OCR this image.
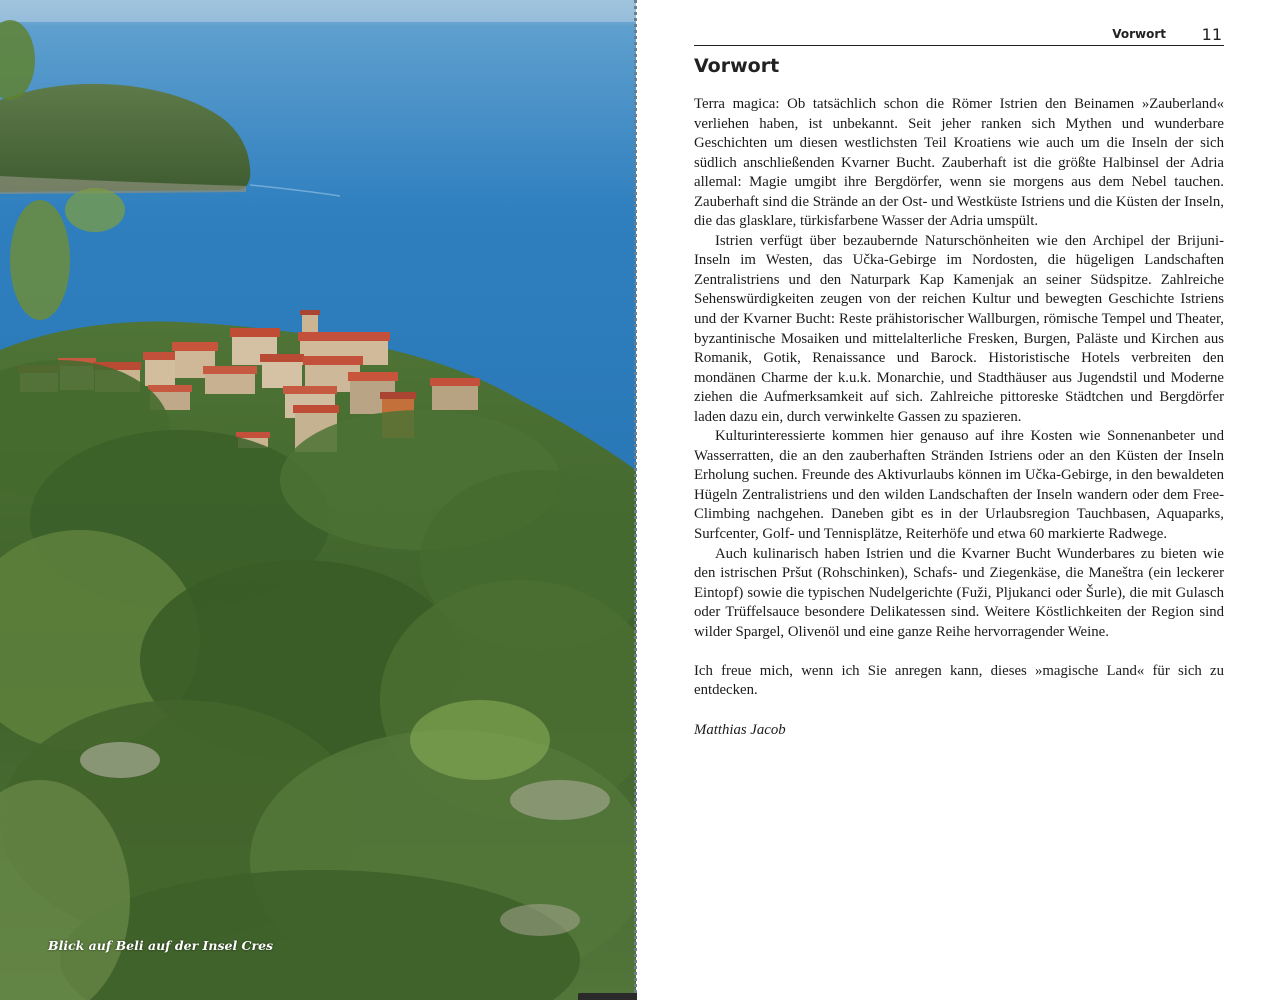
Blick auf Beli auf der Insel Cres
Vorwort 11
Vorwort

Terra magica: Ob tatsächlich schon die Römer Istrien den Beinamen »Zauberland« verliehen haben, ist unbekannt. Seit jeher ranken sich Mythen und wunderbare Geschichten um diesen westlichsten Teil Kroatiens wie auch um die Inseln der sich südlich anschließenden Kvarner Bucht. Zauberhaft ist die größte Halbinsel der Adria allemal: Magie umgibt ihre Bergdörfer, wenn sie morgens aus dem Nebel tauchen. Zauberhaft sind die Strände an der Ost- und Westküste Istriens und die Küsten der Inseln, die das glasklare, türkisfarbene Wasser der Adria umspült.

Istrien verfügt über bezaubernde Naturschönheiten wie den Archipel der Brijuni-Inseln im Westen, das Učka-Gebirge im Nordosten, die hügeligen Landschaften Zentralistriens und den Naturpark Kap Kamenjak an seiner Südspitze. Zahlreiche Sehenswürdigkeiten zeugen von der reichen Kultur und bewegten Geschichte Istriens und der Kvarner Bucht: Reste prähistorischer Wallburgen, römische Tempel und Theater, byzantinische Mosaiken und mittelalterliche Fresken, Burgen, Paläste und Kirchen aus Romanik, Gotik, Renaissance und Barock. Historistische Hotels verbreiten den mondänen Charme der k.u.k. Monarchie, und Stadthäuser aus Jugendstil und Moderne ziehen die Aufmerksamkeit auf sich. Zahlreiche pittoreske Städtchen und Bergdörfer laden dazu ein, durch verwinkelte Gassen zu spazieren.

Kulturinteressierte kommen hier genauso auf ihre Kosten wie Sonnenanbeter und Wasserratten, die an den zauberhaften Stränden Istriens oder an den Küsten der Inseln Erholung suchen. Freunde des Aktivurlaubs können im Učka-Gebirge, in den bewaldeten Hügeln Zentralistriens und den wilden Landschaften der Inseln wandern oder dem Free-Climbing nachgehen. Daneben gibt es in der Urlaubsregion Tauchbasen, Aquaparks, Surfcenter, Golf- und Tennisplätze, Reiterhöfe und etwa 60 markierte Radwege.

Auch kulinarisch haben Istrien und die Kvarner Bucht Wunderbares zu bieten wie den istrischen Pršut (Rohschinken), Schafs- und Ziegenkäse, die Maneštra (ein leckerer Eintopf) sowie die typischen Nudelgerichte (Fuži, Pljukanci oder Šurle), die mit Gulasch oder Trüffelsauce besondere Delikatessen sind. Weitere Köstlichkeiten der Region sind wilder Spargel, Olivenöl und eine ganze Reihe hervorragender Weine.

Ich freue mich, wenn ich Sie anregen kann, dieses »magische Land« für sich zu entdecken.

Matthias Jacob
